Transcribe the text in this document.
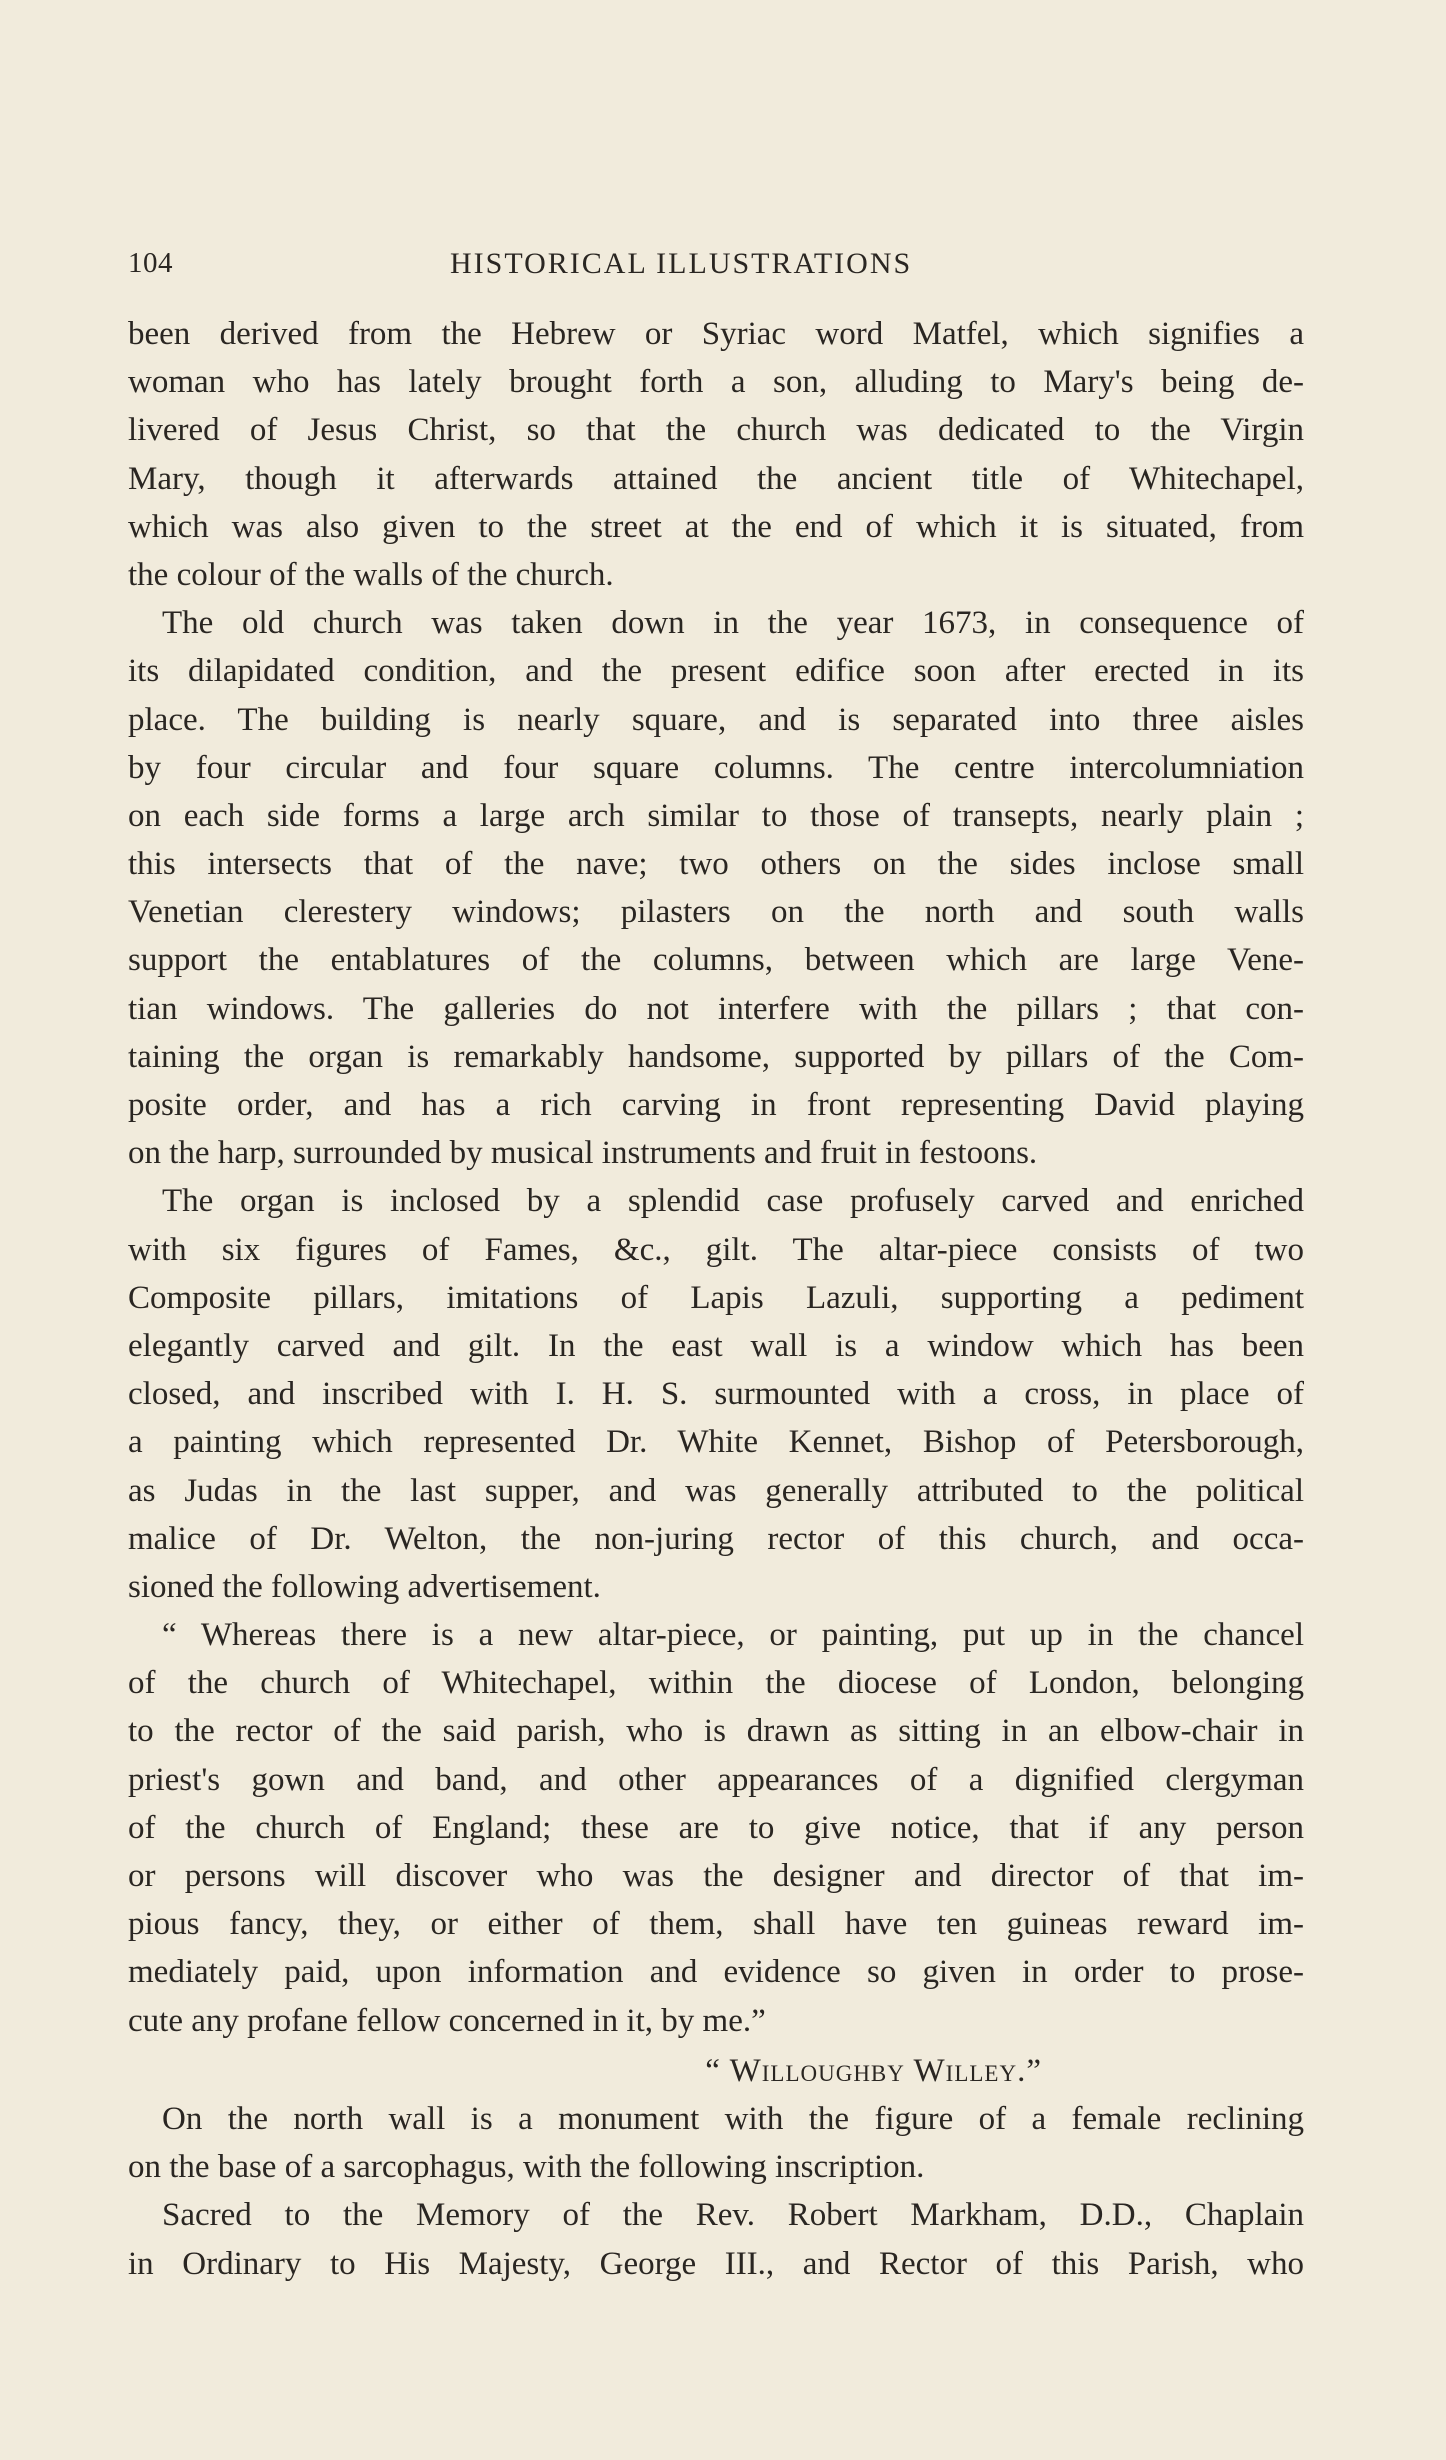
104	HISTORICAL ILLUSTRATIONS
been derived from the Hebrew or Syriac word Matfel, which signifies a
woman who has lately brought forth a son, alluding to Mary's being de-
livered of Jesus Christ, so that the church was dedicated to the Virgin
Mary, though it afterwards attained the ancient title of Whitechapel,
which was also given to the street at the end of which it is situated, from
the colour of the walls of the church.
The old church was taken down in the year 1673, in consequence of
its dilapidated condition, and the present edifice soon after erected in its
place. The building is nearly square, and is separated into three aisles
by four circular and four square columns. The centre intercolumniation
on each side forms a large arch similar to those of transepts, nearly plain ;
this intersects that of the nave; two others on the sides inclose small
Venetian clerestery windows; pilasters on the north and south walls
support the entablatures of the columns, between which are large Vene-
tian windows. The galleries do not interfere with the pillars ; that con-
taining the organ is remarkably handsome, supported by pillars of the Com-
posite order, and has a rich carving in front representing David playing
on the harp, surrounded by musical instruments and fruit in festoons.
The organ is inclosed by a splendid case profusely carved and enriched
with six figures of Fames, &c., gilt. The altar-piece consists of two
Composite pillars, imitations of Lapis Lazuli, supporting a pediment
elegantly carved and gilt. In the east wall is a window which has been
closed, and inscribed with I. H. S. surmounted with a cross, in place of
a painting which represented Dr. White Kennet, Bishop of Petersborough,
as Judas in the last supper, and was generally attributed to the political
malice of Dr. Welton, the non-juring rector of this church, and occa-
sioned the following advertisement.
“ Whereas there is a new altar-piece, or painting, put up in the chancel
of the church of Whitechapel, within the diocese of London, belonging
to the rector of the said parish, who is drawn as sitting in an elbow-chair in
priest's gown and band, and other appearances of a dignified clergyman
of the church of England; these are to give notice, that if any person
or persons will discover who was the designer and director of that im-
pious fancy, they, or either of them, shall have ten guineas reward im-
mediately paid, upon information and evidence so given in order to prose-
cute any profane fellow concerned in it, by me.”
“ Willoughby Willey.”
On the north wall is a monument with the figure of a female reclining
on the base of a sarcophagus, with the following inscription.
Sacred to the Memory of the Rev. Robert Markham, D.D., Chaplain
in Ordinary to His Majesty, George III., and Rector of this Parish, who
